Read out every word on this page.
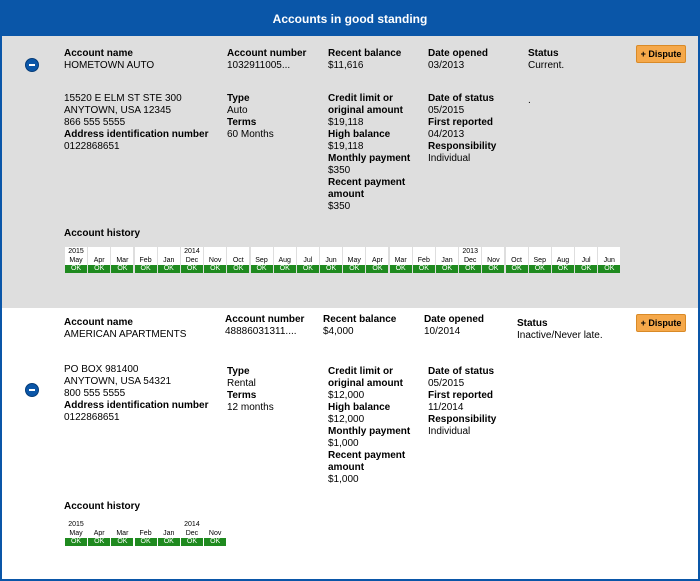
Accounts in good standing
Account name
HOMETOWN AUTO
Account number
1032911005...
Recent balance
$11,616
Date opened
03/2013
Status
Current.
+ Dispute
15520 E ELM ST STE 300
ANYTOWN, USA 12345
866 555 5555
Address identification number
0122868651
Type
Auto
Terms
60 Months
Credit limit or original amount
$19,118
High balance
$19,118
Monthly payment
$350
Recent payment amount
$350
Date of status
05/2015
First reported
04/2013
Responsibility
Individual
.
Account history
2015
May
OK
Apr
OK
Mar
OK
Feb
OK
Jan
OK
2014
Dec
OK
Nov
OK
Oct
OK
Sep
OK
Aug
OK
Jul
OK
Jun
OK
May
OK
Apr
OK
Mar
OK
Feb
OK
Jan
OK
2013
Dec
OK
Nov
OK
Oct
OK
Sep
OK
Aug
OK
Jul
OK
Jun
OK
Account name
AMERICAN APARTMENTS
Account number
48886031311....
Recent balance
$4,000
Date opened
10/2014
Status
Inactive/Never late.
+ Dispute
PO BOX 981400
ANYTOWN, USA 54321
800 555 5555
Address identification number
0122868651
Type
Rental
Terms
12 months
Credit limit or original amount
$12,000
High balance
$12,000
Monthly payment
$1,000
Recent payment amount
$1,000
Date of status
05/2015
First reported
11/2014
Responsibility
Individual
Account history
2015
May
OK
Apr
OK
Mar
OK
Feb
OK
Jan
OK
2014
Dec
OK
Nov
OK
